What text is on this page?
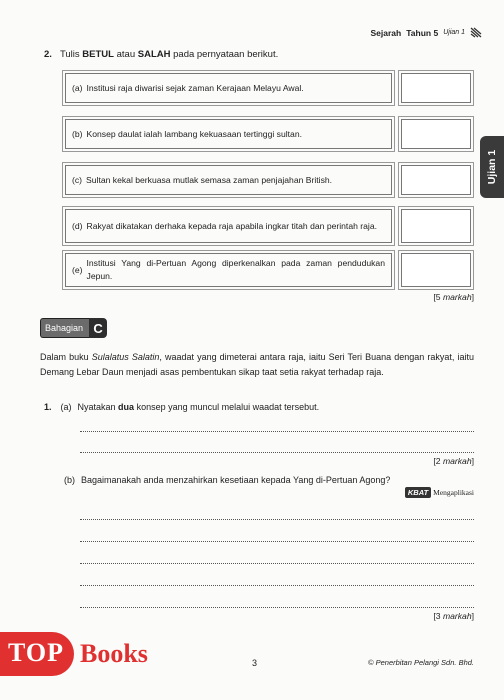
Sejarah Tahun 5 Ujian 1
Ujian 1
2. Tulis BETUL atau SALAH pada pernyataan berikut.
(a) Institusi raja diwarisi sejak zaman Kerajaan Melayu Awal.
(b) Konsep daulat ialah lambang kekuasaan tertinggi sultan.
(c) Sultan kekal berkuasa mutlak semasa zaman penjajahan British.
(d) Rakyat dikatakan derhaka kepada raja apabila ingkar titah dan perintah raja.
(e)
Institusi Yang di-Pertuan Agong diperkenalkan pada zaman pendudukan Jepun.
[5 markah]
Bahagian C
Dalam buku Sulalatus Salatin, waadat yang dimeterai antara raja, iaitu Seri Teri Buana dengan rakyat, iaitu Demang Lebar Daun menjadi asas pembentukan sikap taat setia rakyat terhadap raja.
1. (a) Nyatakan dua konsep yang muncul melalui waadat tersebut.
[2 markah]
(b) Bagaimanakah anda menzahirkan kesetiaan kepada Yang di-Pertuan Agong?
KBAT Mengaplikasi
[3 markah]
TOP Books	3	© Penerbitan Pelangi Sdn. Bhd.
